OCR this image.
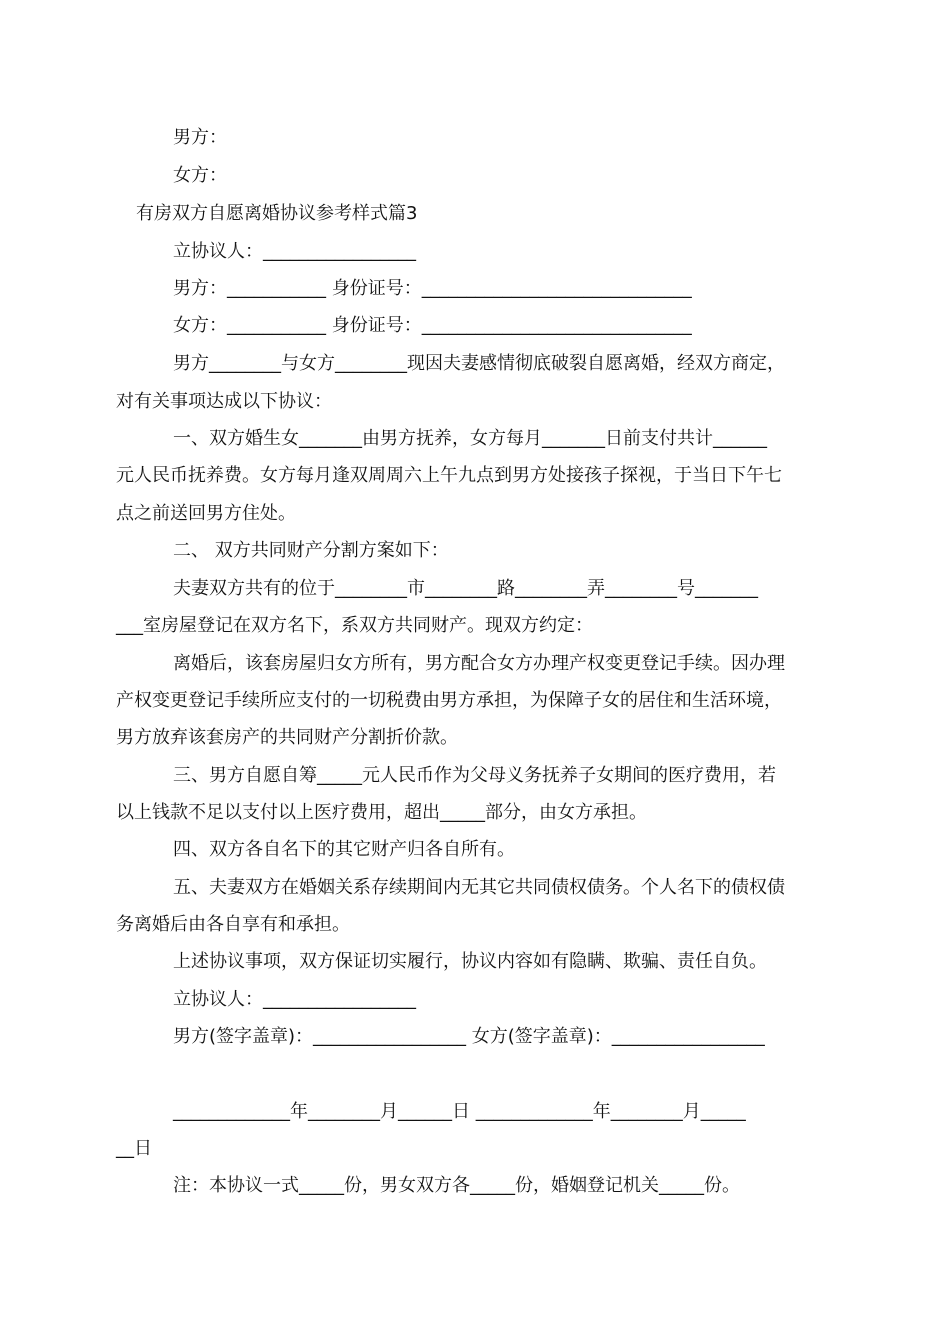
男方：
女方：
有房双方自愿离婚协议参考样式篇3
立协议人：_________________
男方：___________ 身份证号：______________________________
女方：___________ 身份证号：______________________________
男方________与女方________现因夫妻感情彻底破裂自愿离婚，经双方商定，
对有关事项达成以下协议：
一、双方婚生女_______由男方抚养，女方每月_______日前支付共计______
元人民币抚养费。女方每月逢双周周六上午九点到男方处接孩子探视，于当日下午七
点之前送回男方住处。
二、 双方共同财产分割方案如下：
夫妻双方共有的位于________市________路________弄________号_______
___室房屋登记在双方名下，系双方共同财产。现双方约定：
离婚后，该套房屋归女方所有，男方配合女方办理产权变更登记手续。因办理
产权变更登记手续所应支付的一切税费由男方承担，为保障子女的居住和生活环境，
男方放弃该套房产的共同财产分割折价款。
三、男方自愿自筹_____元人民币作为父母义务抚养子女期间的医疗费用，若
以上钱款不足以支付以上医疗费用，超出_____部分，由女方承担。
四、双方各自名下的其它财产归各自所有。
五、夫妻双方在婚姻关系存续期间内无其它共同债权债务。个人名下的债权债
务离婚后由各自享有和承担。
上述协议事项，双方保证切实履行，协议内容如有隐瞒、欺骗、责任自负。
立协议人：_________________
男方(签字盖章)：_________________ 女方(签字盖章)：_________________
_____________年________月______日 _____________年________月_____
__日
注：本协议一式_____份，男女双方各_____份，婚姻登记机关_____份。
